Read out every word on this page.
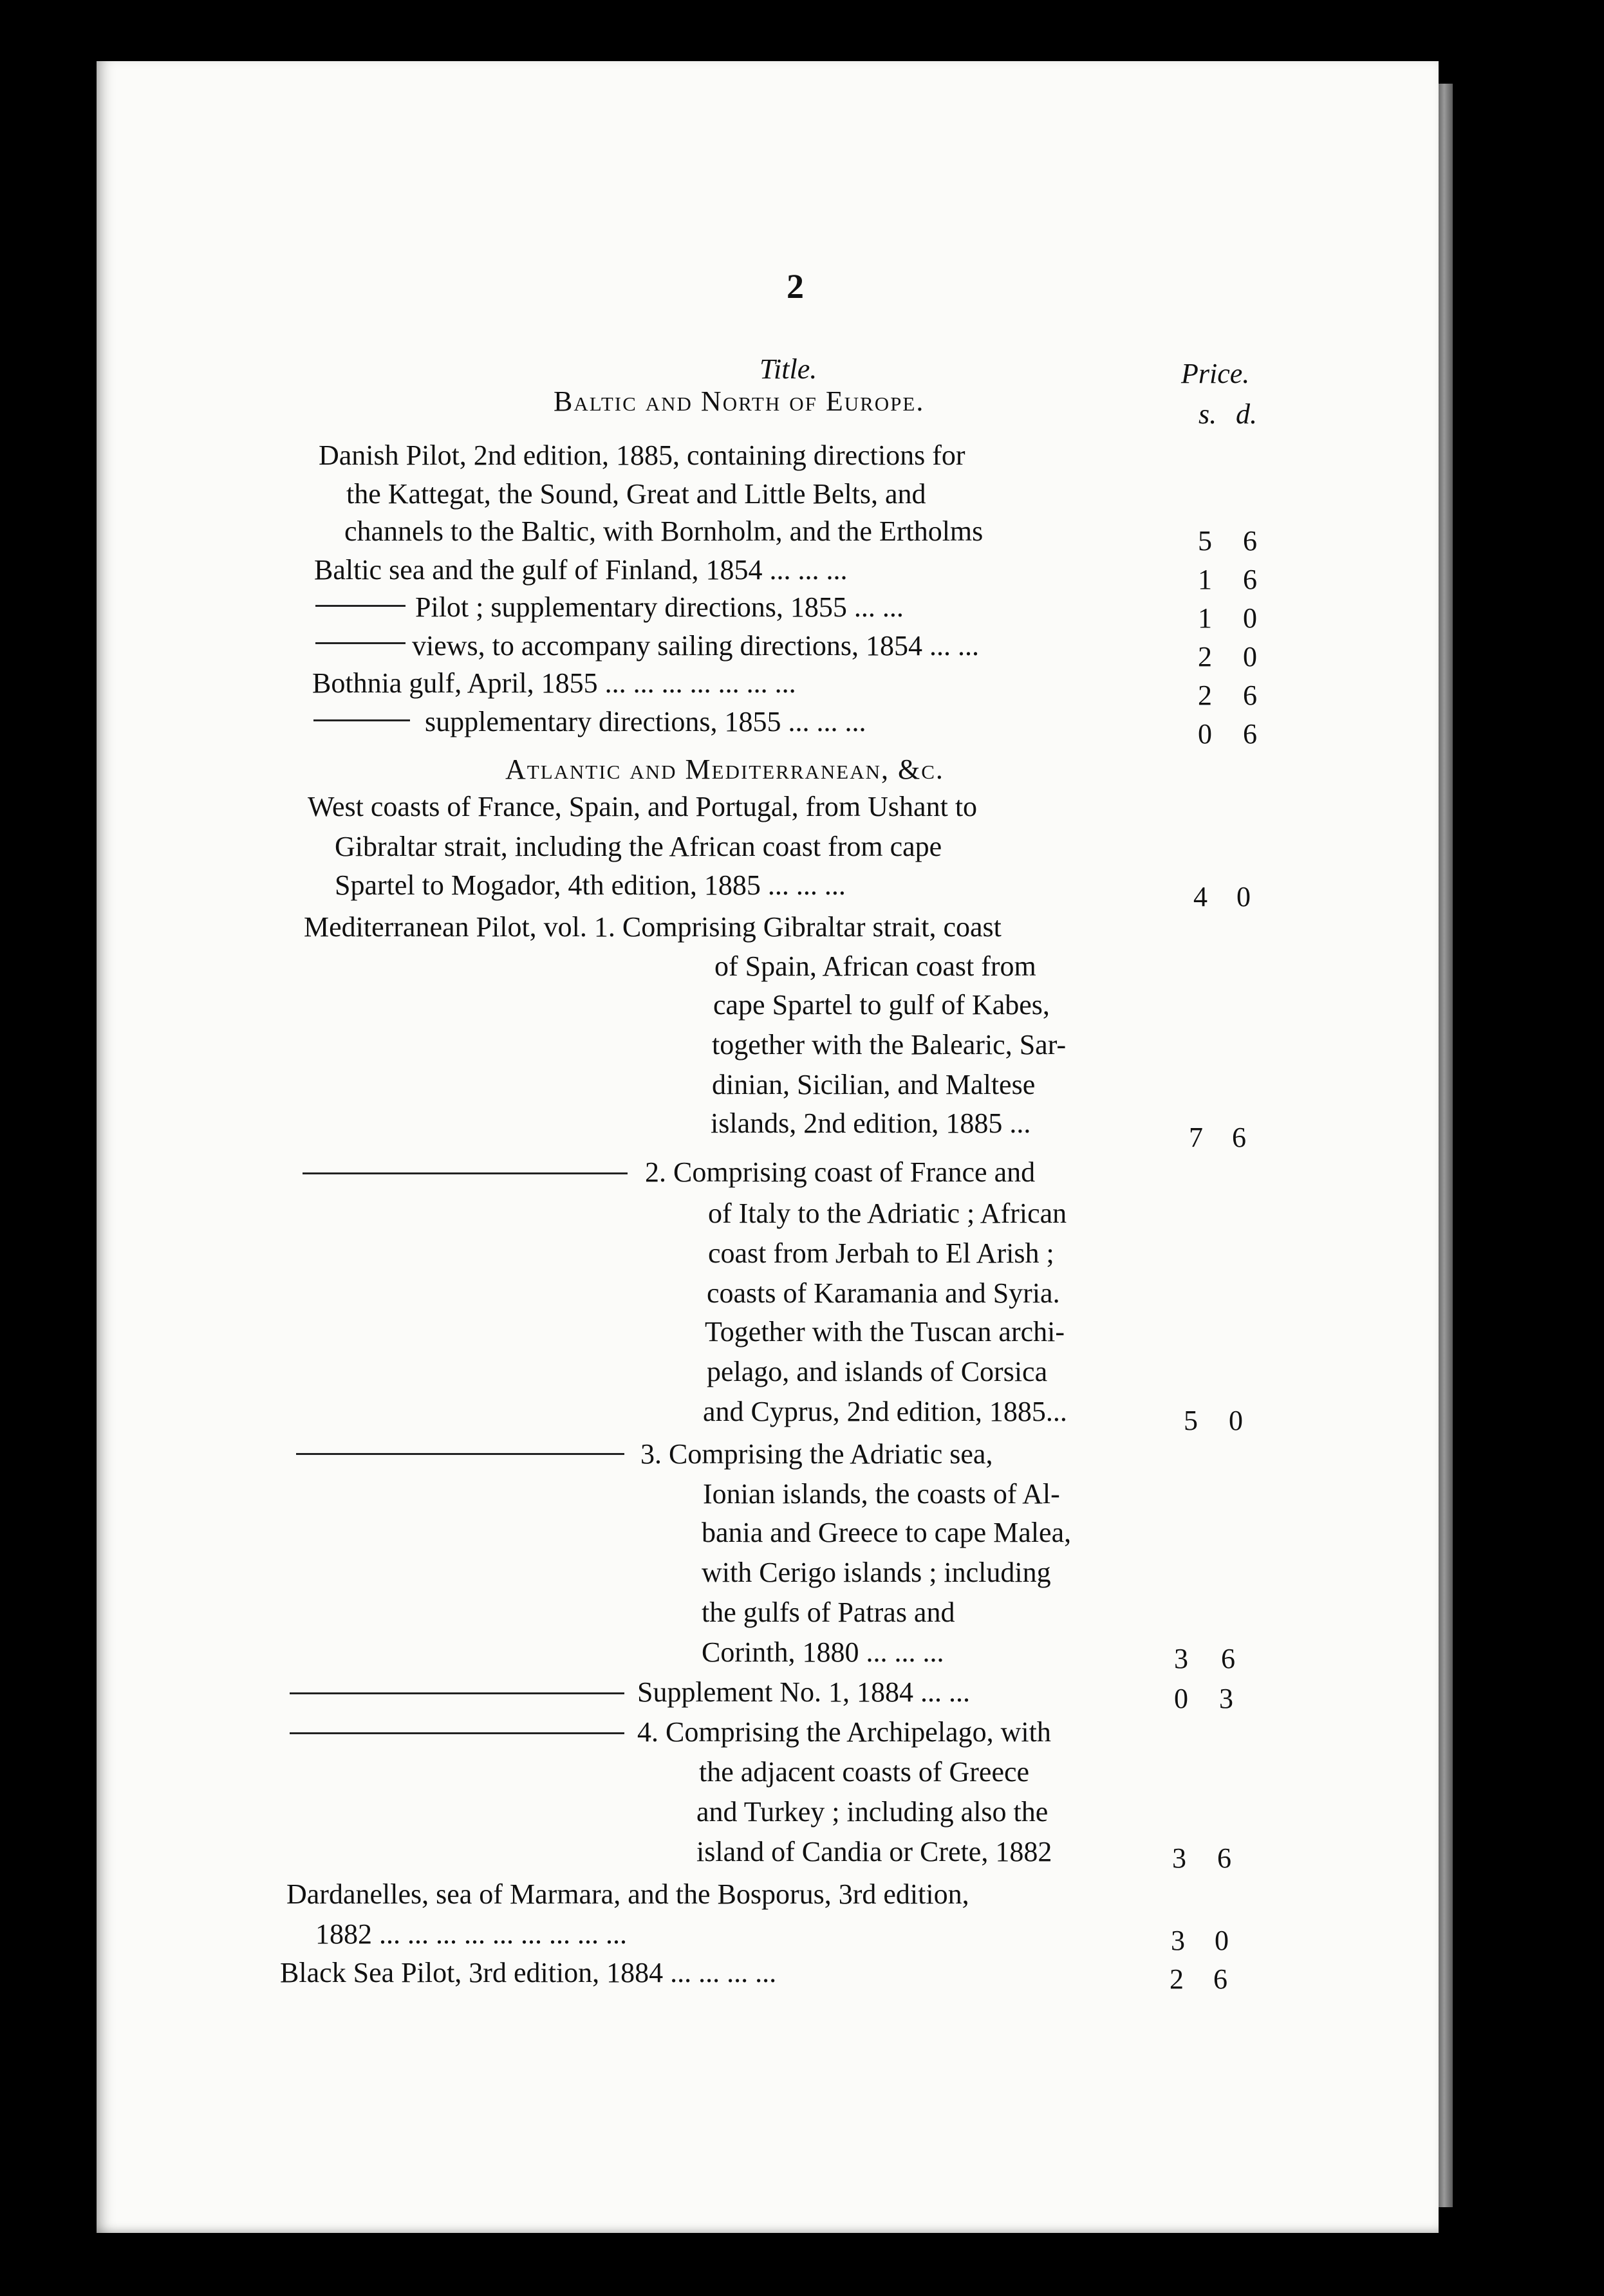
2
Title.	Price.
s. d.
Baltic and North of Europe.
Atlantic and Mediterranean, &c.
Danish Pilot, 2nd edition, 1885, containing directions for
the Kattegat, the Sound, Great and Little Belts, and
channels to the Baltic, with Bornholm, and the Ertholms
Baltic sea and the gulf of Finland, 1854 ... ... ...
Pilot ; supplementary directions, 1855 ... ...
views, to accompany sailing directions, 1854 ... ...
Bothnia gulf, April, 1855 ... ... ... ... ... ... ...
supplementary directions, 1855 ... ... ...
West coasts of France, Spain, and Portugal, from Ushant to
Gibraltar strait, including the African coast from cape
Spartel to Mogador, 4th edition, 1885 ... ... ...
Mediterranean Pilot, vol. 1. Comprising Gibraltar strait, coast
of Spain, African coast from
cape Spartel to gulf of Kabes,
together with the Balearic, Sar-
dinian, Sicilian, and Maltese
islands, 2nd edition, 1885 ...
2. Comprising coast of France and
of Italy to the Adriatic ; African
coast from Jerbah to El Arish ;
coasts of Karamania and Syria.
Together with the Tuscan archi-
pelago, and islands of Corsica
and Cyprus, 2nd edition, 1885...
3. Comprising the Adriatic sea,
Ionian islands, the coasts of Al-
bania and Greece to cape Malea,
with Cerigo islands ; including
the gulfs of Patras and
Corinth, 1880 ... ... ...
Supplement No. 1, 1884 ... ...
4. Comprising the Archipelago, with
the adjacent coasts of Greece
and Turkey ; including also the
island of Candia or Crete, 1882
Dardanelles, sea of Marmara, and the Bosporus, 3rd edition,
1882 ... ... ... ... ... ... ... ... ...
Black Sea Pilot, 3rd edition, 1884 ... ... ... ...
5 6
1 6
1 0
2 0
2 6
0 6
4 0
7 6
5 0
3 6
0 3
3 6
3 0
2 6
